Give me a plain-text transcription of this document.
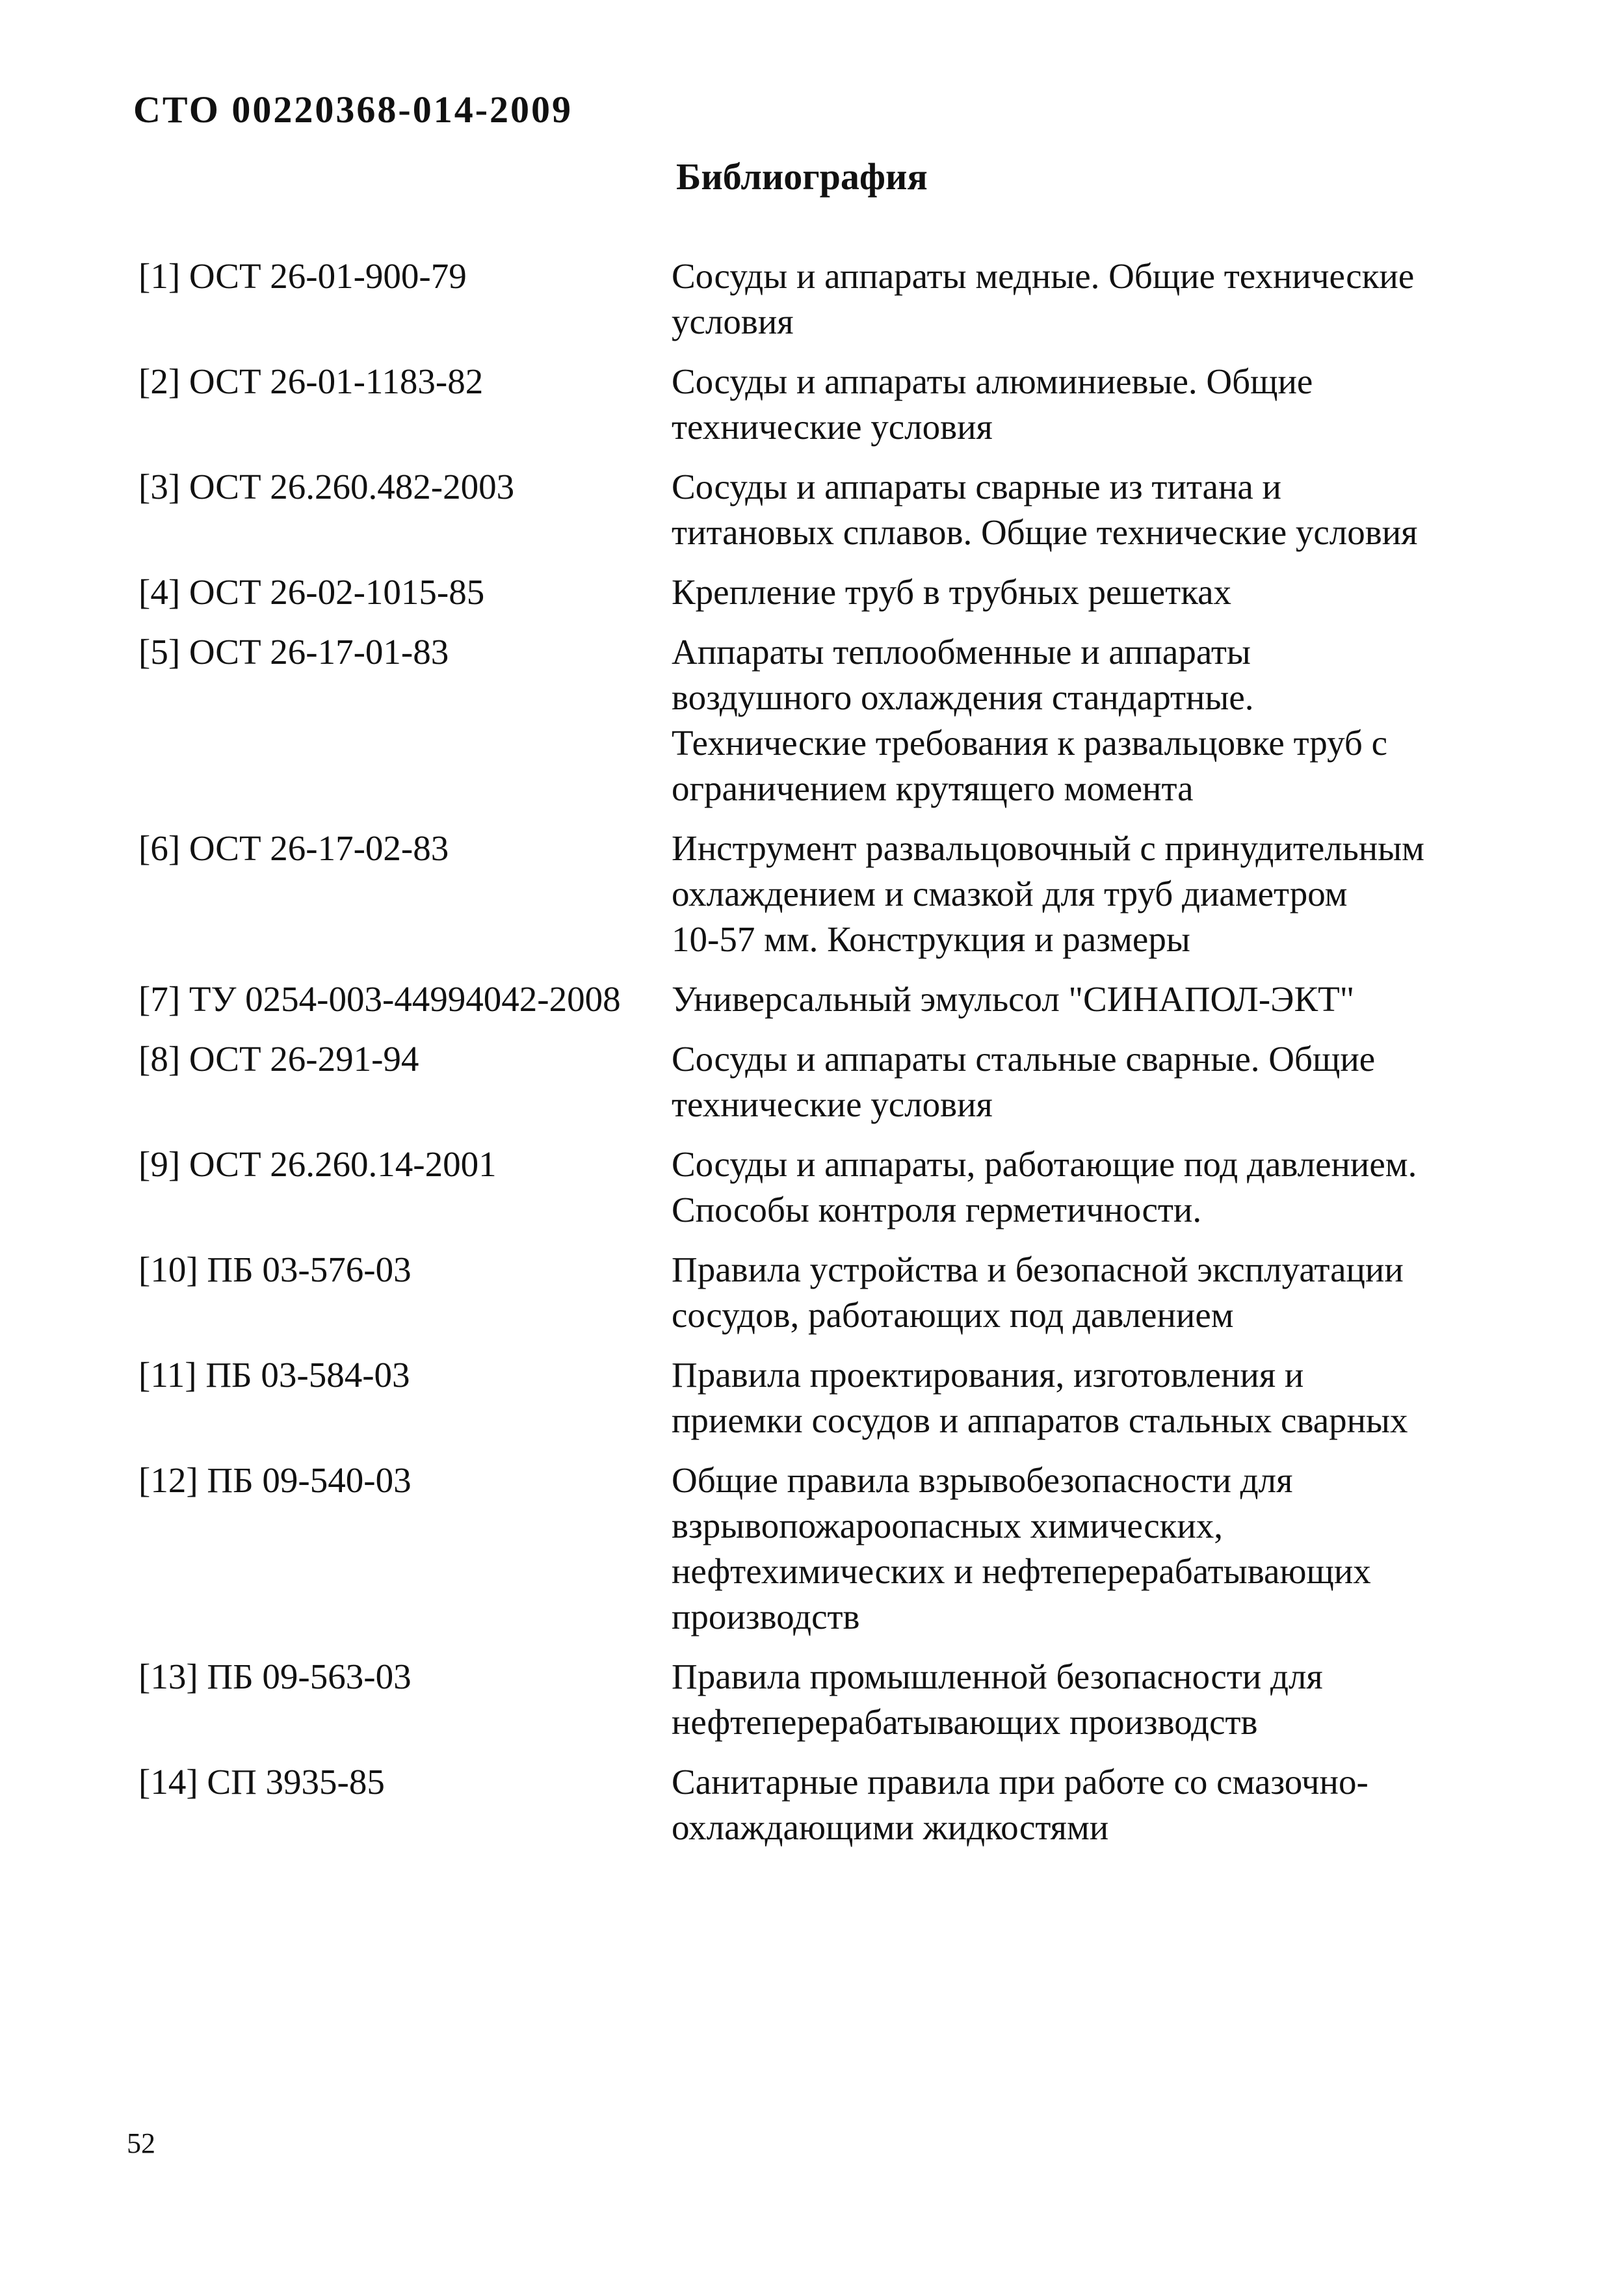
СТО 00220368-014-2009
Библиография
[1] ОСТ 26-01-900-79	Сосуды и аппараты медные. Общие технические
условия
[2] ОСТ 26-01-1183-82	Сосуды и аппараты алюминиевые. Общие
технические условия
[3] ОСТ 26.260.482-2003	Сосуды и аппараты сварные из титана и
титановых сплавов. Общие технические условия
[4] ОСТ 26-02-1015-85	Крепление труб в трубных решетках
[5] ОСТ 26-17-01-83	Аппараты теплообменные и аппараты
воздушного охлаждения стандартные.
Технические требования к развальцовке труб с
ограничением крутящего момента
[6] ОСТ 26-17-02-83	Инструмент развальцовочный с принудительным
охлаждением и смазкой для труб диаметром
10-57 мм. Конструкция и размеры
[7] ТУ 0254-003-44994042-2008	Универсальный эмульсол "СИНАПОЛ-ЭКТ"
[8] ОСТ 26-291-94	Сосуды и аппараты стальные сварные. Общие
технические условия
[9] ОСТ 26.260.14-2001	Сосуды и аппараты, работающие под давлением.
Способы контроля герметичности.
[10] ПБ 03-576-03	Правила устройства и безопасной эксплуатации
сосудов, работающих под давлением
[11] ПБ 03-584-03	Правила проектирования, изготовления и
приемки сосудов и аппаратов стальных сварных
[12] ПБ 09-540-03	Общие правила взрывобезопасности для
взрывопожароопасных химических,
нефтехимических и нефтеперерабатывающих
производств
[13] ПБ 09-563-03	Правила промышленной безопасности для
нефтеперерабатывающих производств
[14] СП 3935-85	Санитарные правила при работе со смазочно-
охлаждающими жидкостями
52
